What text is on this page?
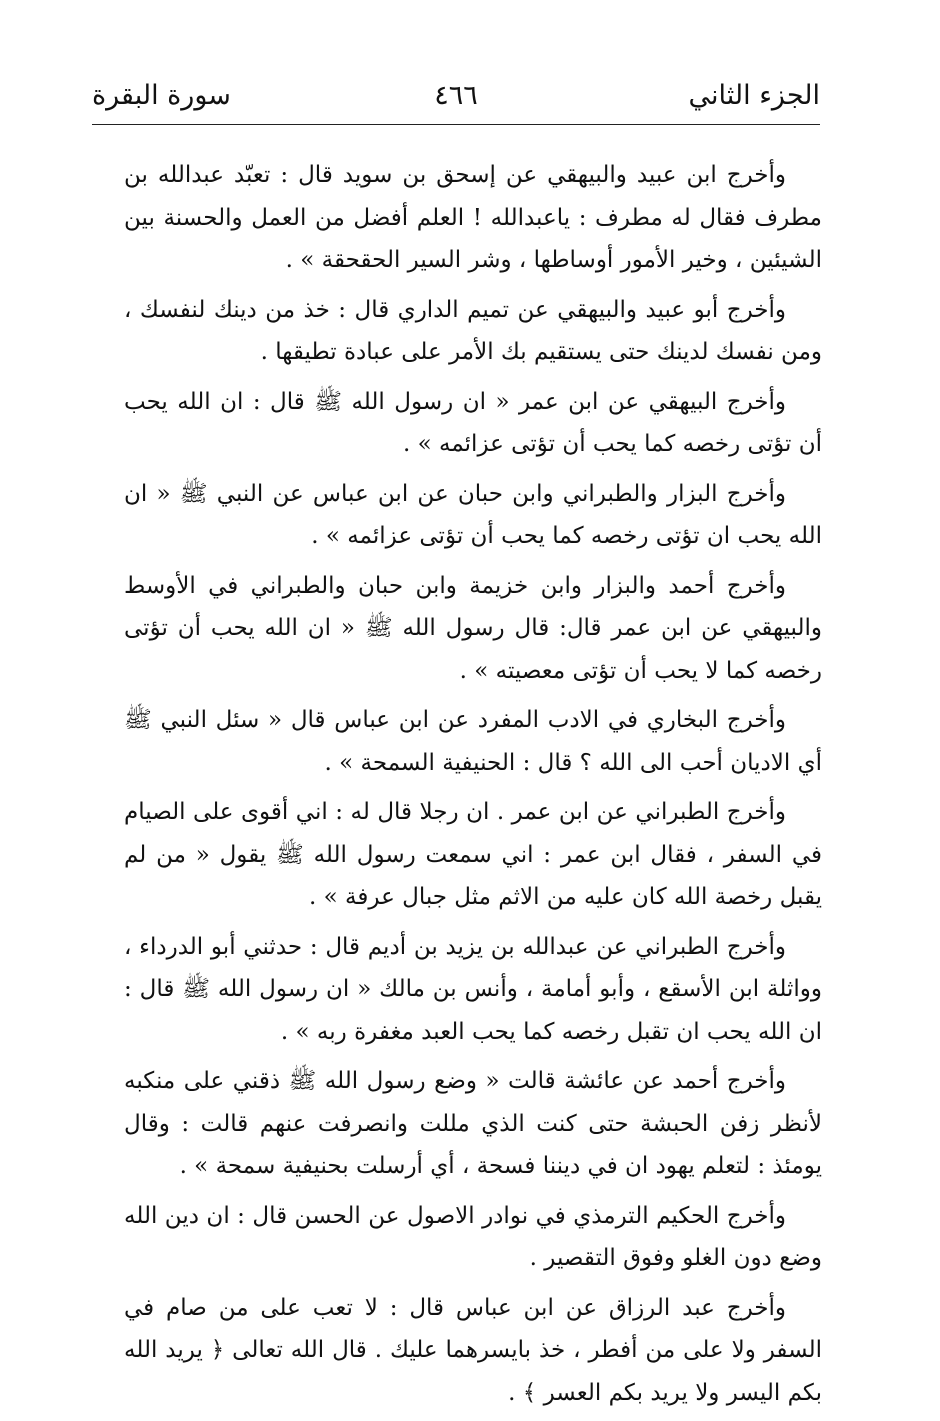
الجزء الثاني
٤٦٦
سورة البقرة

وأخرج ابن عبيد والبيهقي عن إسحق بن سويد قال : تعبّد عبدالله بن مطرف فقال له مطرف : ياعبدالله ! العلم أفضل من العمل والحسنة بين الشيئين ، وخير الأمور أوساطها ، وشر السير الحقحقة » .

وأخرج أبو عبيد والبيهقي عن تميم الداري قال : خذ من دينك لنفسك ، ومن نفسك لدينك حتى يستقيم بك الأمر على عبادة تطيقها .

وأخرج البيهقي عن ابن عمر « ان رسول الله ﷺ قال : ان الله يحب أن تؤتى رخصه كما يحب أن تؤتى عزائمه » .

وأخرج البزار والطبراني وابن حبان عن ابن عباس عن النبي ﷺ « ان الله يحب ان تؤتى رخصه كما يحب أن تؤتى عزائمه » .

وأخرج أحمد والبزار وابن خزيمة وابن حبان والطبراني في الأوسط والبيهقي عن ابن عمر قال: قال رسول الله ﷺ « ان الله يحب أن تؤتى رخصه كما لا يحب أن تؤتى معصيته » .

وأخرج البخاري في الادب المفرد عن ابن عباس قال « سئل النبي ﷺ أي الاديان أحب الى الله ؟ قال : الحنيفية السمحة » .

وأخرج الطبراني عن ابن عمر . ان رجلا قال له : اني أقوى على الصيام في السفر ، فقال ابن عمر : اني سمعت رسول الله ﷺ يقول « من لم يقبل رخصة الله كان عليه من الاثم مثل جبال عرفة » .

وأخرج الطبراني عن عبدالله بن يزيد بن أديم قال : حدثني أبو الدرداء ، وواثلة ابن الأسقع ، وأبو أمامة ، وأنس بن مالك « ان رسول الله ﷺ قال : ان الله يحب ان تقبل رخصه كما يحب العبد مغفرة ربه » .

وأخرج أحمد عن عائشة قالت « وضع رسول الله ﷺ ذقني على منكبه لأنظر زفن الحبشة حتى كنت الذي مللت وانصرفت عنهم قالت : وقال يومئذ : لتعلم يهود ان في ديننا فسحة ، أي أرسلت بحنيفية سمحة » .

وأخرج الحكيم الترمذي في نوادر الاصول عن الحسن قال : ان دين الله وضع دون الغلو وفوق التقصير .

وأخرج عبد الرزاق عن ابن عباس قال : لا تعب على من صام في السفر ولا على من أفطر ، خذ بايسرهما عليك . قال الله تعالى ﴿ يريد الله بكم اليسر ولا يريد بكم العسر ﴾ .
